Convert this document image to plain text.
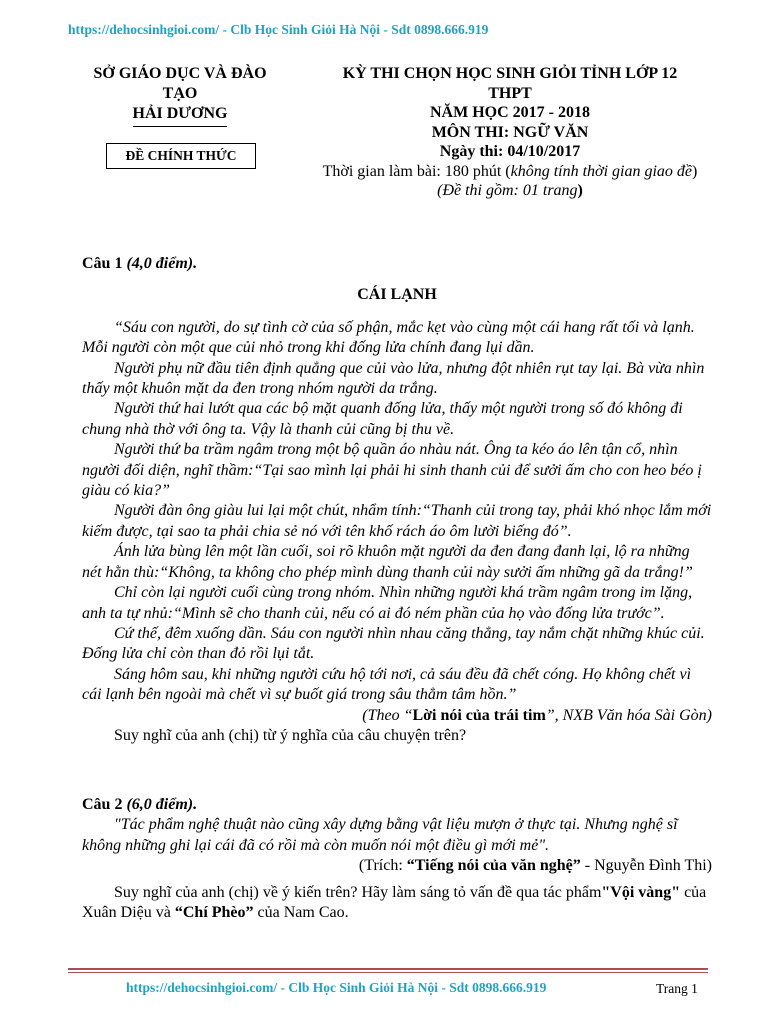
https://dehocsinhgioi.com/ - Clb Học Sinh Giỏi Hà Nội - Sdt 0898.666.919
SỞ GIÁO DỤC VÀ ĐÀO
TẠO
HẢI DƯƠNG
ĐỀ CHÍNH THỨC
KỲ THI CHỌN HỌC SINH GIỎI TỈNH LỚP 12
THPT
NĂM HỌC 2017 - 2018
MÔN THI: NGỮ VĂN
Ngày thi: 04/10/2017
Thời gian làm bài: 180 phút (không tính thời gian giao đề)
(Đề thi gồm: 01 trang)

Câu 1 (4,0 điểm).

CÁI LẠNH

“Sáu con người, do sự tình cờ của số phận, mắc kẹt vào cùng một cái hang rất tối và lạnh. Mỗi người còn một que củi nhỏ trong khi đống lửa chính đang lụi dần.

Người phụ nữ đầu tiên định quẳng que củi vào lửa, nhưng đột nhiên rụt tay lại. Bà vừa nhìn thấy một khuôn mặt da đen trong nhóm người da trắng.

Người thứ hai lướt qua các bộ mặt quanh đống lửa, thấy một người trong số đó không đi chung nhà thờ với ông ta. Vậy là thanh củi cũng bị thu về.

Người thứ ba trầm ngâm trong một bộ quần áo nhàu nát. Ông ta kéo áo lên tận cổ, nhìn người đối diện, nghĩ thầm:“Tại sao mình lại phải hi sinh thanh củi để sưởi ấm cho con heo béo ị giàu có kia?”

Người đàn ông giàu lui lại một chút, nhẩm tính:“Thanh củi trong tay, phải khó nhọc lắm mới kiếm được, tại sao ta phải chia sẻ nó với tên khố rách áo ôm lười biếng đó”.

Ánh lửa bùng lên một lần cuối, soi rõ khuôn mặt người da đen đang đanh lại, lộ ra những nét hằn thù:“Không, ta không cho phép mình dùng thanh củi này sưởi ấm những gã da trắng!”

Chỉ còn lại người cuối cùng trong nhóm. Nhìn những người khá trầm ngâm trong im lặng, anh ta tự nhủ:“Mình sẽ cho thanh củi, nếu có ai đó ném phần của họ vào đống lửa trước”.

Cứ thế, đêm xuống dần. Sáu con người nhìn nhau căng thẳng, tay nắm chặt những khúc củi. Đống lửa chỉ còn than đỏ rồi lụi tắt.

Sáng hôm sau, khi những người cứu hộ tới nơi, cả sáu đều đã chết cóng. Họ không chết vì cái lạnh bên ngoài mà chết vì sự buốt giá trong sâu thẳm tâm hồn.”

(Theo “Lời nói của trái tim”, NXB Văn hóa Sài Gòn)

Suy nghĩ của anh (chị) từ ý nghĩa của câu chuyện trên?

Câu 2 (6,0 điểm).

"Tác phẩm nghệ thuật nào cũng xây dựng bằng vật liệu mượn ở thực tại. Nhưng nghệ sĩ không những ghi lại cái đã có rồi mà còn muốn nói một điều gì mới mẻ".

(Trích: “Tiếng nói của văn nghệ” - Nguyễn Đình Thi)

Suy nghĩ của anh (chị) về ý kiến trên? Hãy làm sáng tỏ vấn đề qua tác phẩm"Vội vàng" của Xuân Diệu và “Chí Phèo” của Nam Cao.

https://dehocsinhgioi.com/ - Clb Học Sinh Giỏi Hà Nội - Sdt 0898.666.919	Trang 1
